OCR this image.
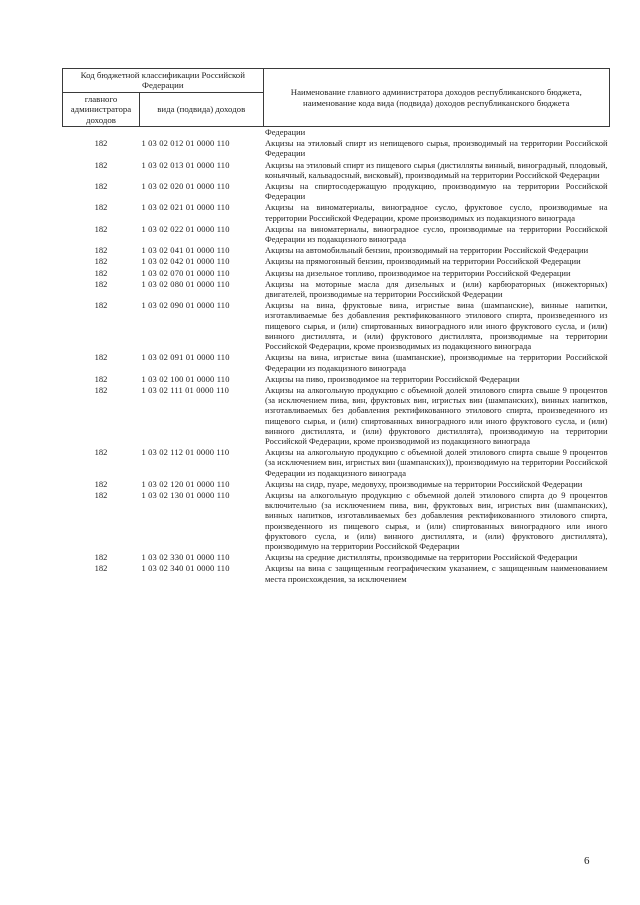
Код бюджетной классификации Российской Федерации		Наименование главного администратора доходов республиканского бюджета, наименование кода вида (подвида) доходов республиканского бюджета
главного администратора доходов	вида (подвида) доходов	
		Федерации
182	1 03 02 012 01 0000 110	Акцизы на этиловый спирт из непищевого сырья, производимый на территории Российской Федерации
182	1 03 02 013 01 0000 110	Акцизы на этиловый спирт из пищевого сырья (дистилляты винный, виноградный, плодовый, коньячный, кальвадосный, висковый), производимый на территории Российской Федерации
182	1 03 02 020 01 0000 110	Акцизы на спиртосодержащую продукцию, производимую на территории Российской Федерации
182	1 03 02 021 01 0000 110	Акцизы на виноматериалы, виноградное сусло, фруктовое сусло, производимые на территории Российской Федерации, кроме производимых из подакцизного винограда
182	1 03 02 022 01 0000 110	Акцизы на виноматериалы, виноградное сусло, производимые на территории Российской Федерации из подакцизного винограда
182	1 03 02 041 01 0000 110	Акцизы на автомобильный бензин, производимый на территории Российской Федерации
182	1 03 02 042 01 0000 110	Акцизы на прямогонный бензин, производимый на территории Российской Федерации
182	1 03 02 070 01 0000 110	Акцизы на дизельное топливо, производимое на территории Российской Федерации
182	1 03 02 080 01 0000 110	Акцизы на моторные масла для дизельных и (или) карбюраторных (инжекторных) двигателей, производимые на территории Российской Федерации
182	1 03 02 090 01 0000 110	Акцизы на вина, фруктовые вина, игристые вина (шампанские), винные напитки, изготавливаемые без добавления ректификованного этилового спирта, произведенного из пищевого сырья, и (или) спиртованных виноградного или иного фруктового сусла, и (или) винного дистиллята, и (или) фруктового дистиллята, производимые на территории Российской Федерации, кроме производимых из подакцизного винограда
182	1 03 02 091 01 0000 110	Акцизы на вина, игристые вина (шампанские), производимые на территории Российской Федерации из подакцизного винограда
182	1 03 02 100 01 0000 110	Акцизы на пиво, производимое на территории Российской Федерации
182	1 03 02 111 01 0000 110	Акцизы на алкогольную продукцию с объемной долей этилового спирта свыше 9 процентов (за исключением пива, вин, фруктовых вин, игристых вин (шампанских), винных напитков, изготавливаемых без добавления ректификованного этилового спирта, произведенного из пищевого сырья, и (или) спиртованных виноградного или иного фруктового сусла, и (или) винного дистиллята, и (или) фруктового дистиллята), производимую на территории Российской Федерации, кроме производимой из подакцизного винограда
182	1 03 02 112 01 0000 110	Акцизы на алкогольную продукцию с объемной долей этилового спирта свыше 9 процентов (за исключением вин, игристых вин (шампанских)), производимую на территории Российской Федерации из подакцизного винограда
182	1 03 02 120 01 0000 110	Акцизы на сидр, пуаре, медовуху, производимые на территории Российской Федерации
182	1 03 02 130 01 0000 110	Акцизы на алкогольную продукцию с объемной долей этилового спирта до 9 процентов включительно (за исключением пива, вин, фруктовых вин, игристых вин (шампанских), винных напитков, изготавливаемых без добавления ректификованного этилового спирта, произведенного из пищевого сырья, и (или) спиртованных виноградного или иного фруктового сусла, и (или) винного дистиллята, и (или) фруктового дистиллята), производимую на территории Российской Федерации
182	1 03 02 330 01 0000 110	Акцизы на средние дистилляты, производимые на территории Российской Федерации
182	1 03 02 340 01 0000 110	Акцизы на вина с защищенным географическим указанием, с защищенным наименованием места происхождения, за исключением
6
